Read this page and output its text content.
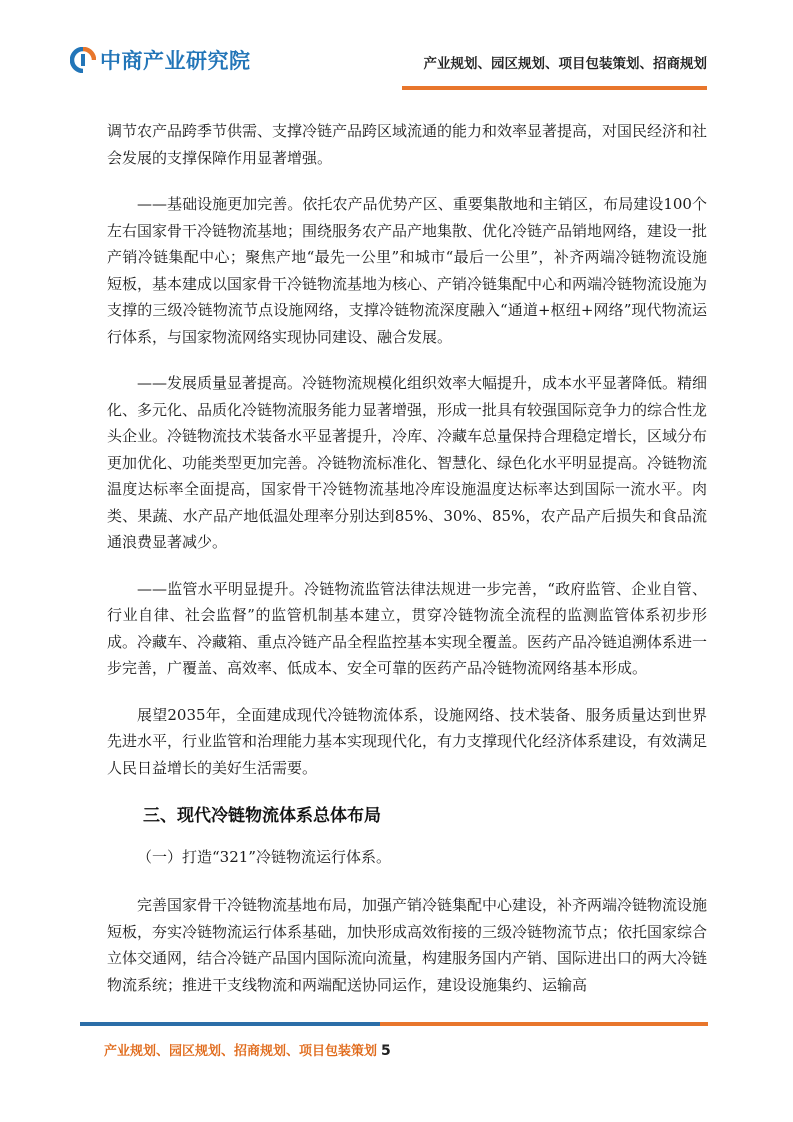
中商产业研究院	产业规划、园区规划、项目包装策划、招商规划

调节农产品跨季节供需、支撑冷链产品跨区域流通的能力和效率显著提高，对国民经济和社会发展的支撑保障作用显著增强。

——基础设施更加完善。依托农产品优势产区、重要集散地和主销区，布局建设100个左右国家骨干冷链物流基地；围绕服务农产品产地集散、优化冷链产品销地网络，建设一批产销冷链集配中心；聚焦产地“最先一公里”和城市“最后一公里”，补齐两端冷链物流设施短板，基本建成以国家骨干冷链物流基地为核心、产销冷链集配中心和两端冷链物流设施为支撑的三级冷链物流节点设施网络，支撑冷链物流深度融入“通道+枢纽+网络”现代物流运行体系，与国家物流网络实现协同建设、融合发展。

——发展质量显著提高。冷链物流规模化组织效率大幅提升，成本水平显著降低。精细化、多元化、品质化冷链物流服务能力显著增强，形成一批具有较强国际竞争力的综合性龙头企业。冷链物流技术装备水平显著提升，冷库、冷藏车总量保持合理稳定增长，区域分布更加优化、功能类型更加完善。冷链物流标准化、智慧化、绿色化水平明显提高。冷链物流温度达标率全面提高，国家骨干冷链物流基地冷库设施温度达标率达到国际一流水平。肉类、果蔬、水产品产地低温处理率分别达到85%、30%、85%，农产品产后损失和食品流通浪费显著减少。

——监管水平明显提升。冷链物流监管法律法规进一步完善，“政府监管、企业自管、行业自律、社会监督”的监管机制基本建立，贯穿冷链物流全流程的监测监管体系初步形成。冷藏车、冷藏箱、重点冷链产品全程监控基本实现全覆盖。医药产品冷链追溯体系进一步完善，广覆盖、高效率、低成本、安全可靠的医药产品冷链物流网络基本形成。

展望2035年，全面建成现代冷链物流体系，设施网络、技术装备、服务质量达到世界先进水平，行业监管和治理能力基本实现现代化，有力支撑现代化经济体系建设，有效满足人民日益增长的美好生活需要。

三、现代冷链物流体系总体布局

（一）打造“321”冷链物流运行体系。

完善国家骨干冷链物流基地布局，加强产销冷链集配中心建设，补齐两端冷链物流设施短板，夯实冷链物流运行体系基础，加快形成高效衔接的三级冷链物流节点；依托国家综合立体交通网，结合冷链产品国内国际流向流量，构建服务国内产销、国际进出口的两大冷链物流系统；推进干支线物流和两端配送协同运作，建设设施集约、运输高

产业规划、园区规划、招商规划、项目包装策划 5
